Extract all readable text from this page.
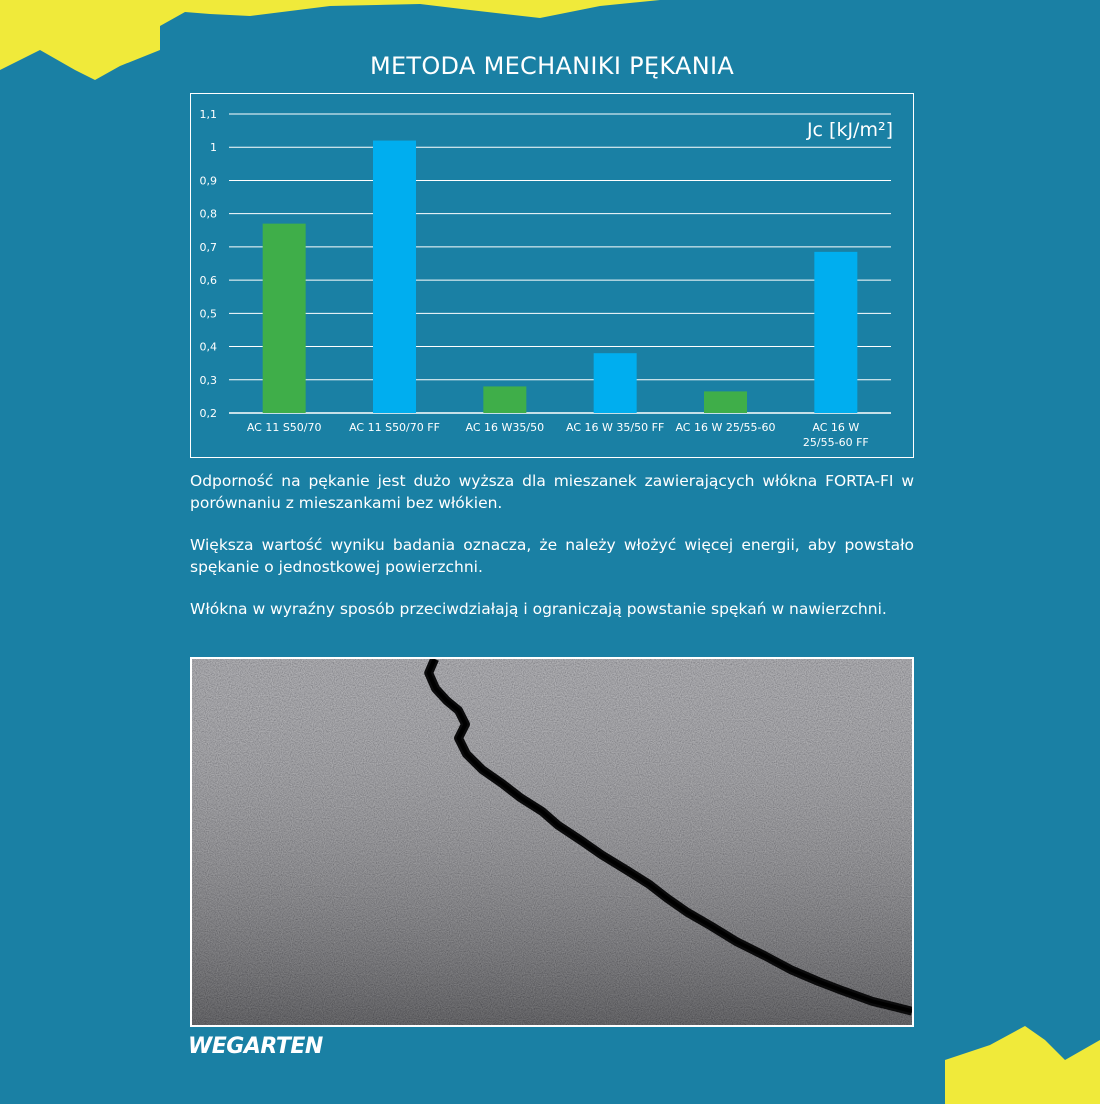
METODA MECHANIKI PĘKANIA
0,2
0,3
0,4
0,5
0,6
0,7
0,8
0,9
1
1,1
AC 11 S50/70	AC 11 S50/70 FF AC 16 W35/50 AC 16 W 35/50 FF AC 16 W 25/55-60	AC 16 W 25/55-60 FF
Jc [kJ/m²]

Odporność na pękanie jest dużo wyższa dla mieszanek zawierających włókna FORTA-FI w porównaniu z mieszankami bez włókien.

Większa wartość wyniku badania oznacza, że należy włożyć więcej energii, aby powstało spękanie o jednostkowej powierzchni.

Włókna w wyraźny sposób przeciwdziałają i ograniczają powstanie spękań w nawierzchni.

WEGARTEN
